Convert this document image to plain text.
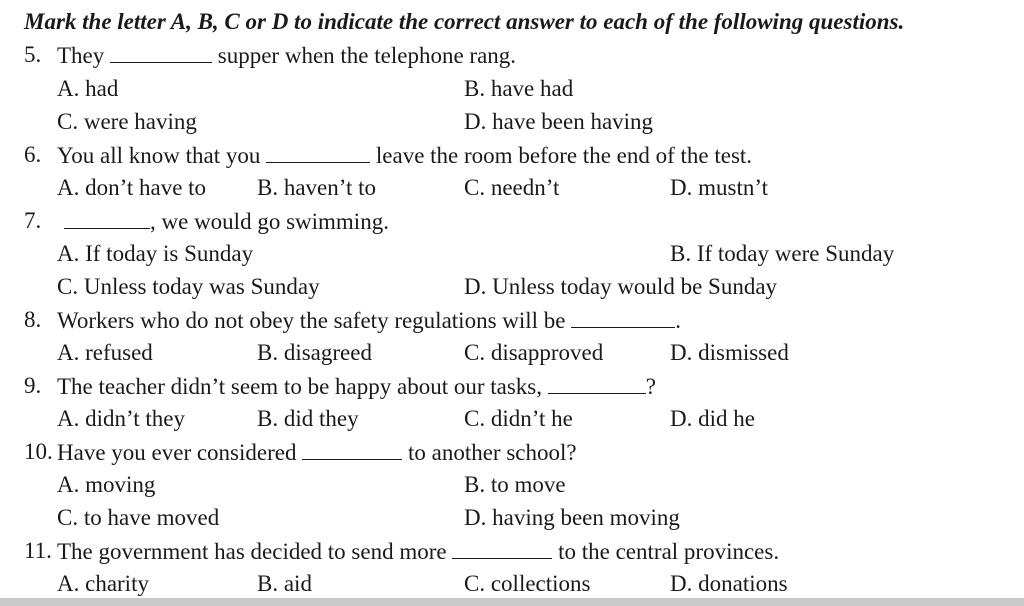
Mark the letter A, B, C or D to indicate the correct answer to each of the following questions.
5. They	supper when the telephone rang.
A. had	B. have had
C. were having	D. have been having
6. You all know that you	leave the room before the end of the test.
A. don’t have to B. haven’t to	C. needn’t	D. mustn’t
7.	, we would go swimming.
A. If today is Sunday	B. If today were Sunday
C. Unless today was Sunday	D. Unless today would be Sunday
8. Workers who do not obey the safety regulations will be	.
A. refused	B. disagreed	C. disapproved	D. dismissed
9. The teacher didn’t seem to be happy about our tasks,	?
A. didn’t they	B. did they	C. didn’t he	D. did he
10. Have you ever considered	to another school?
A. moving	B. to move
C. to have moved	D. having been moving
11. The government has decided to send more	to the central provinces.
A. charity	B. aid	C. collections	D. donations
